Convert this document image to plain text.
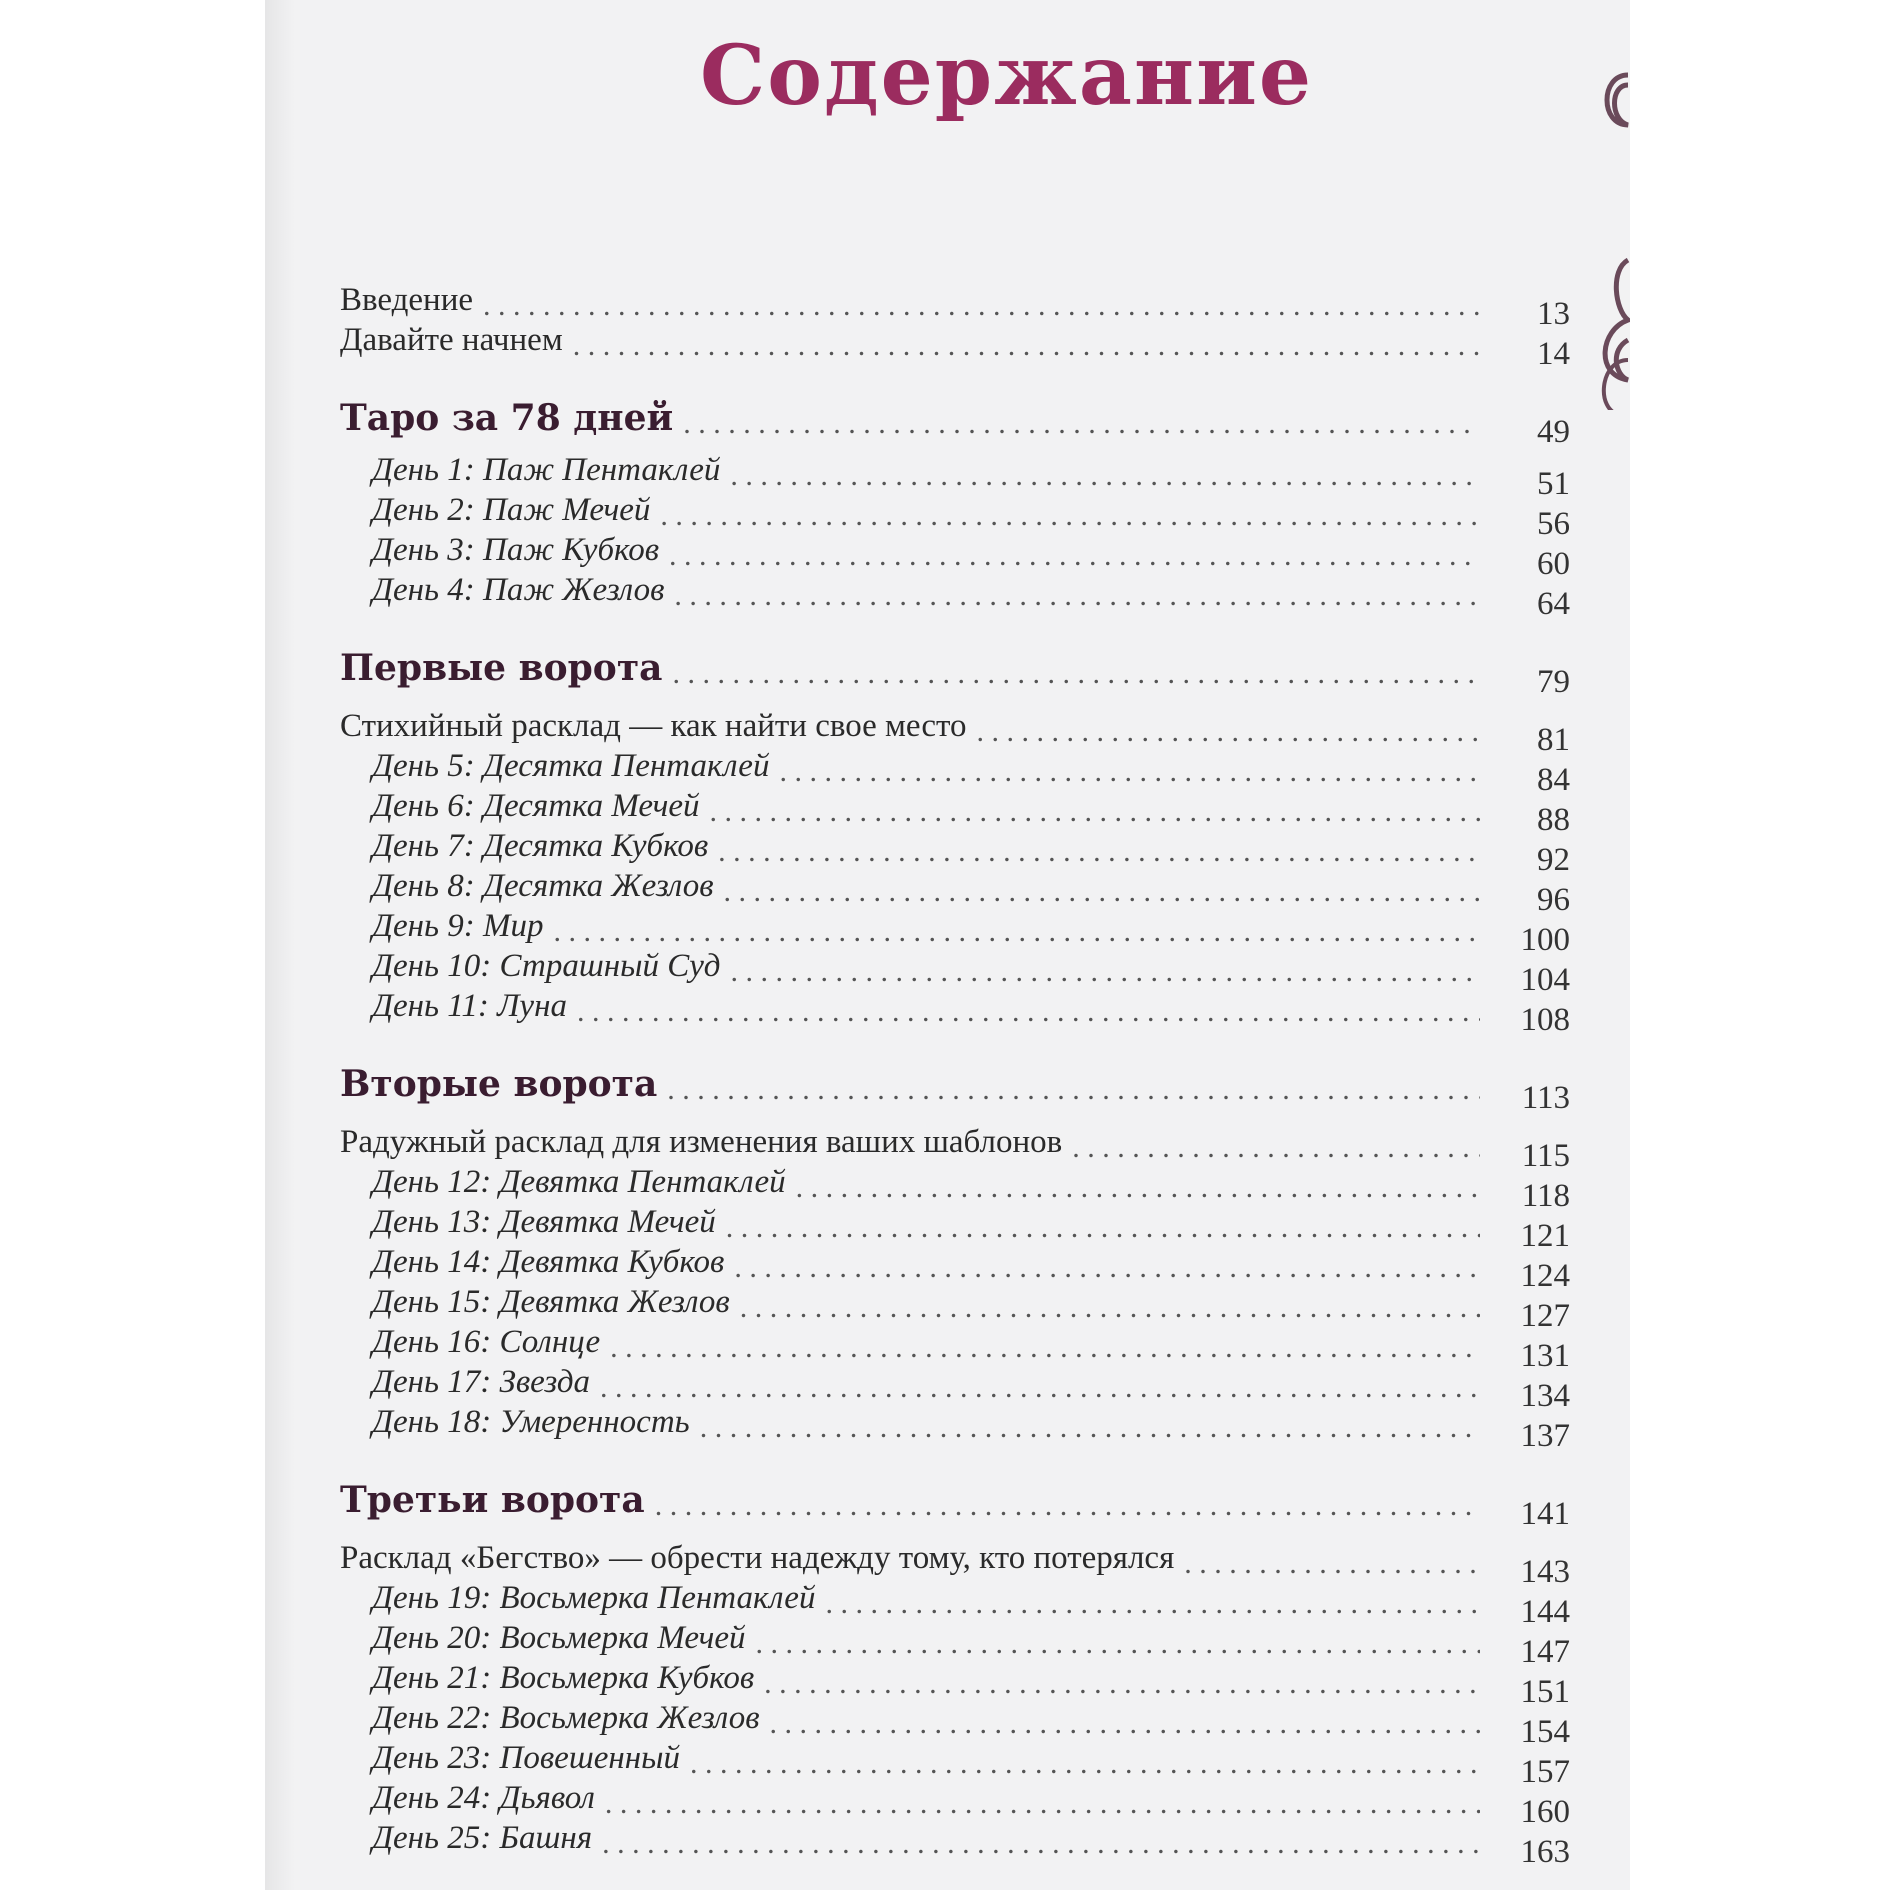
Содержание
Введение . . .	13
Давайте начнем . . .	14
Таро за 78 дней . . .	49
День 1: Паж Пентаклей . . .	51
День 2: Паж Мечей . . .	56
День 3: Паж Кубков . . .	60
День 4: Паж Жезлов . . .	64
Первые ворота . . .	79
Стихийный расклад — как найти свое место . . .	81
День 5: Десятка Пентаклей . . .	84
День 6: Десятка Мечей . . .	88
День 7: Десятка Кубков . . .	92
День 8: Десятка Жезлов . . .	96
День 9: Мир . . .	100
День 10: Страшный Суд . . .	104
День 11: Луна . . .	108
Вторые ворота . . .	113
Радужный расклад для изменения ваших шаблонов . . .	115
День 12: Девятка Пентаклей . . .	118
День 13: Девятка Мечей . . .	121
День 14: Девятка Кубков . . .	124
День 15: Девятка Жезлов . . .	127
День 16: Солнце . . .	131
День 17: Звезда . . .	134
День 18: Умеренность . . .	137
Третьи ворота . . .	141
Расклад «Бегство» — обрести надежду тому, кто потерялся . . .	143
День 19: Восьмерка Пентаклей . . .	144
День 20: Восьмерка Мечей . . .	147
День 21: Восьмерка Кубков . . .	151
День 22: Восьмерка Жезлов . . .	154
День 23: Повешенный . . .	157
День 24: Дьявол . . .	160
День 25: Башня . . .	163
